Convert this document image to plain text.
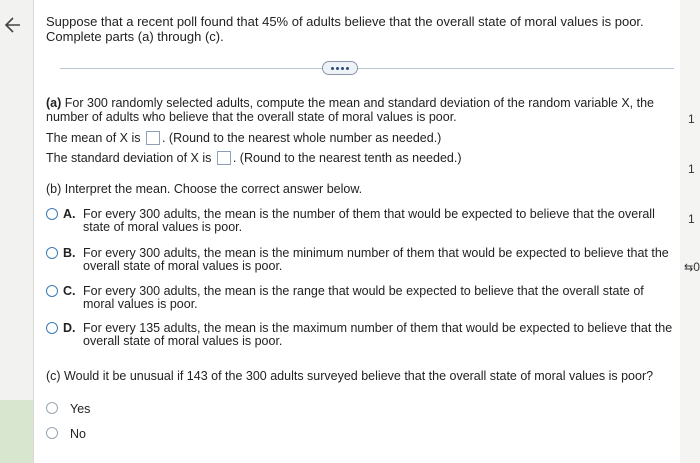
Suppose that a recent poll found that 45% of adults believe that the overall state of moral values is poor. Complete parts (a) through (c).
(a) For 300 randomly selected adults, compute the mean and standard deviation of the random variable X, the number of adults who believe that the overall state of moral values is poor.
The mean of X is . (Round to the nearest whole number as needed.)
The standard deviation of X is . (Round to the nearest tenth as needed.)
(b) Interpret the mean. Choose the correct answer below.
A. For every 300 adults, the mean is the number of them that would be expected to believe that the overall state of moral values is poor.
B. For every 300 adults, the mean is the minimum number of them that would be expected to believe that the overall state of moral values is poor.
C. For every 300 adults, the mean is the range that would be expected to believe that the overall state of moral values is poor.
D. For every 135 adults, the mean is the maximum number of them that would be expected to believe that the overall state of moral values is poor.
(c) Would it be unusual if 143 of the 300 adults surveyed believe that the overall state of moral values is poor?
Yes
No
1
1
1
⇆0
